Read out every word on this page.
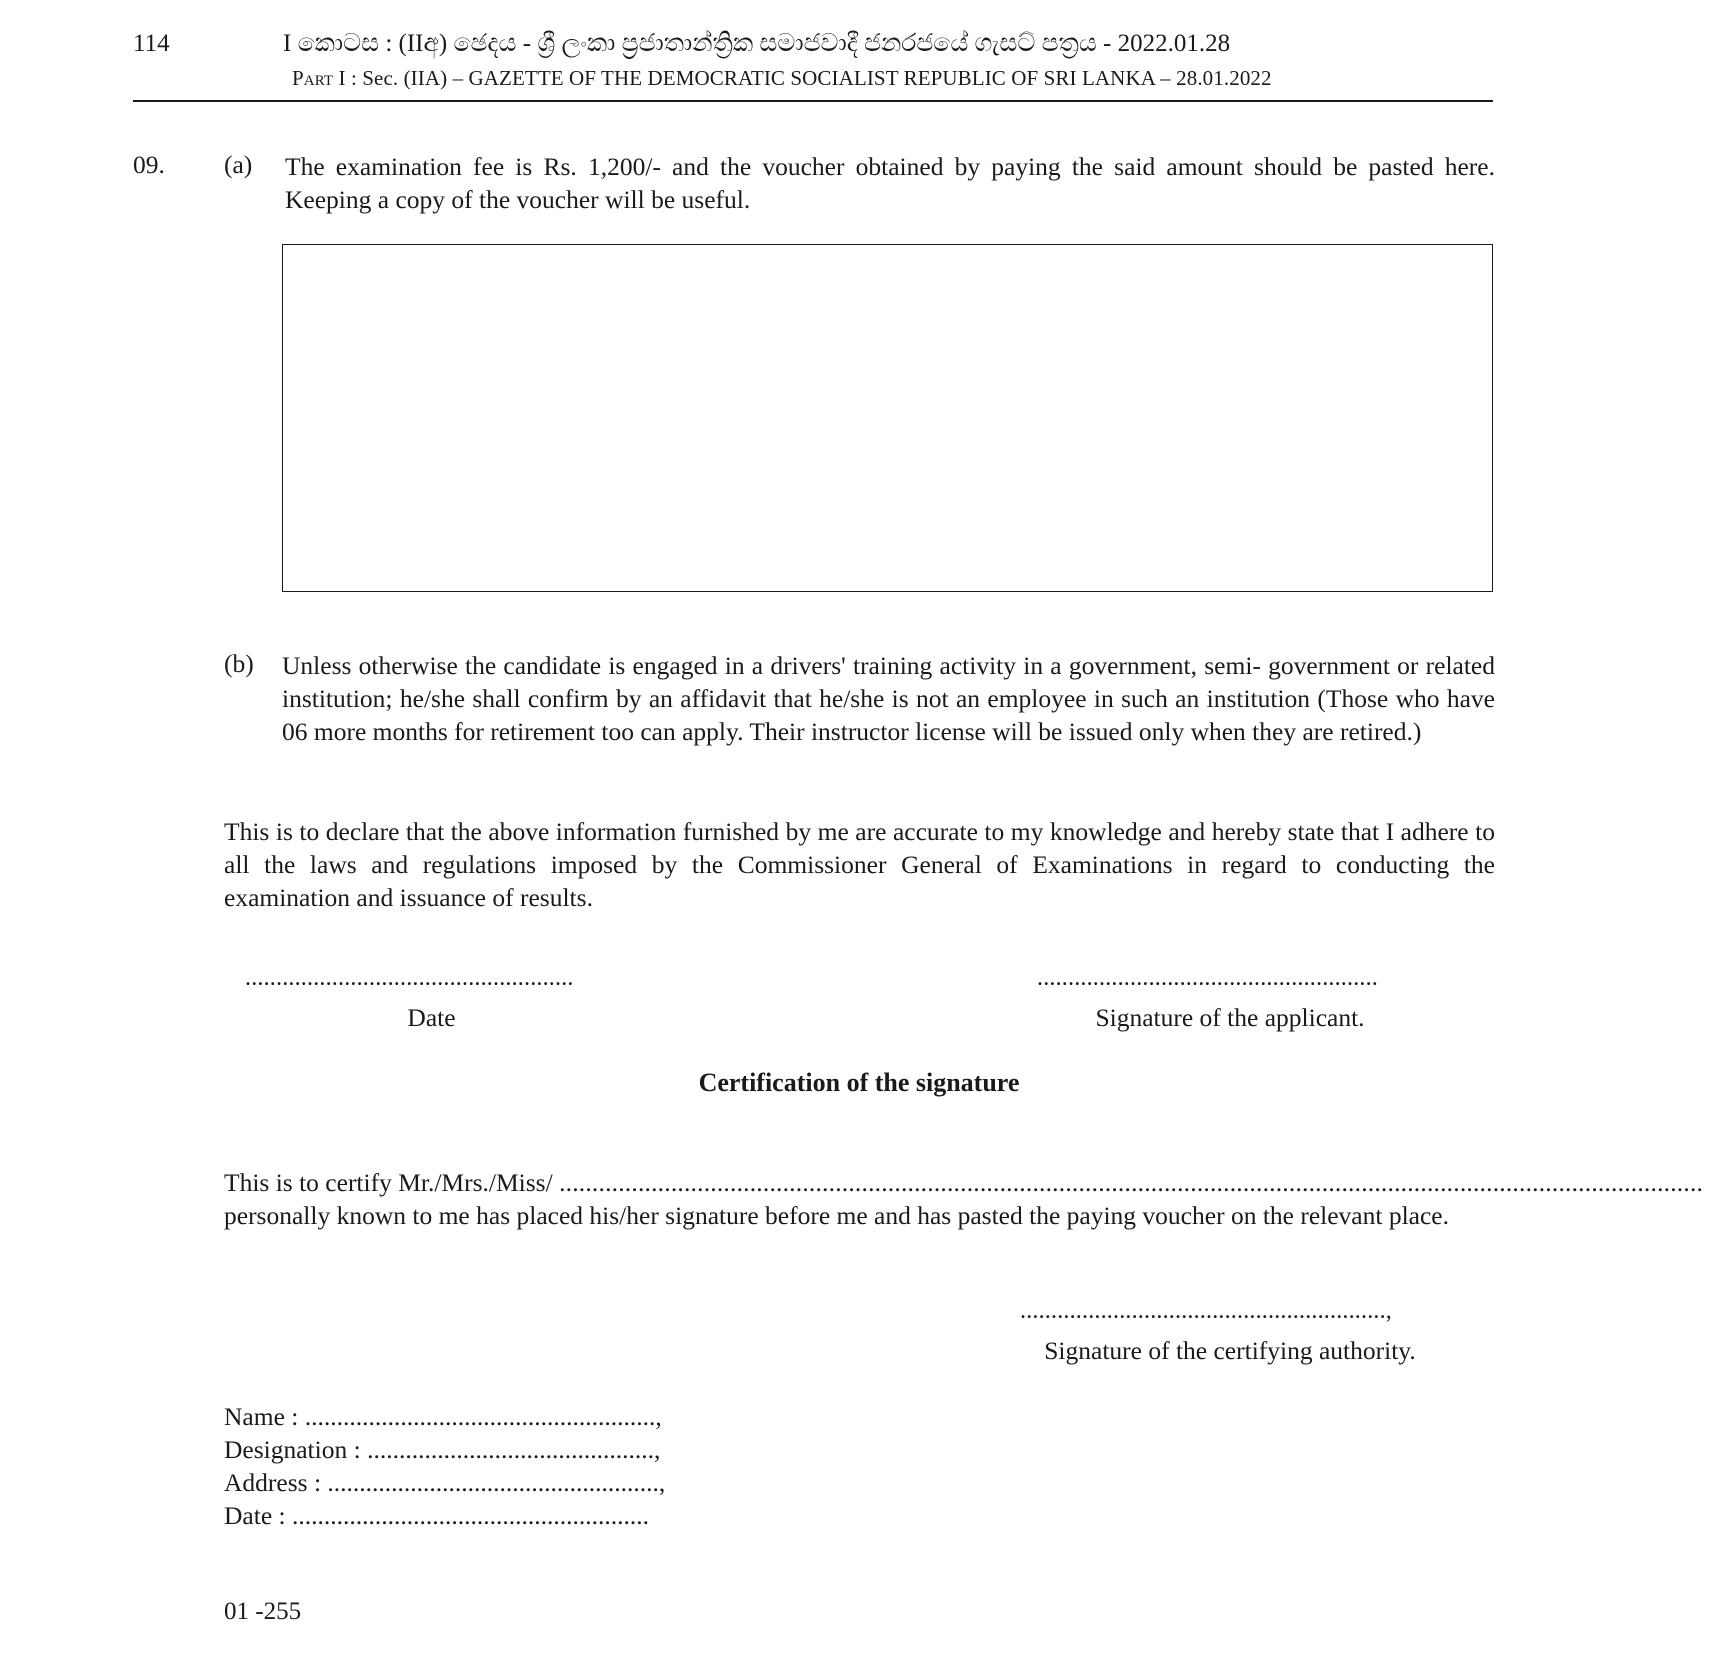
114	I කොටස : (IIඅ) ඡෙදය - ශ්‍රී ලංකා ප්‍රජාතාන්ත්‍රික සමාජවාදී ජනරජයේ ගැසට් පත්‍රය - 2022.01.28
Part I : Sec. (IIA) – GAZETTE OF THE DEMOCRATIC SOCIALIST REPUBLIC OF SRI LANKA – 28.01.2022
09. (a) The examination fee is Rs. 1,200/- and the voucher obtained by paying the said amount should be pasted here.
Keeping a copy of the voucher will be useful.
(b) Unless otherwise the candidate is engaged in a drivers' training activity in a government, semi- government or related institution; he/she shall confirm by an affidavit that he/she is not an employee in such an institution (Those who have 06 more months for retirement too can apply. Their instructor license will be issued only when they are retired.)
This is to declare that the above information furnished by me are accurate to my knowledge and hereby state that I adhere to all the laws and regulations imposed by the Commissioner General of Examinations in regard to conducting the examination and issuance of results.
.....................................................
Date
.......................................................
Signature of the applicant.
Certification of the signature
This is to certify Mr./Mrs./Miss/ ..............................................................................................................................................................................
personally known to me has placed his/her signature before me and has pasted the paying voucher on the relevant place.
...........................................................,
Signature of the certifying authority.
Name : .......................................................,
Designation : .............................................,
Address : ....................................................,
Date : ........................................................
01 -255
